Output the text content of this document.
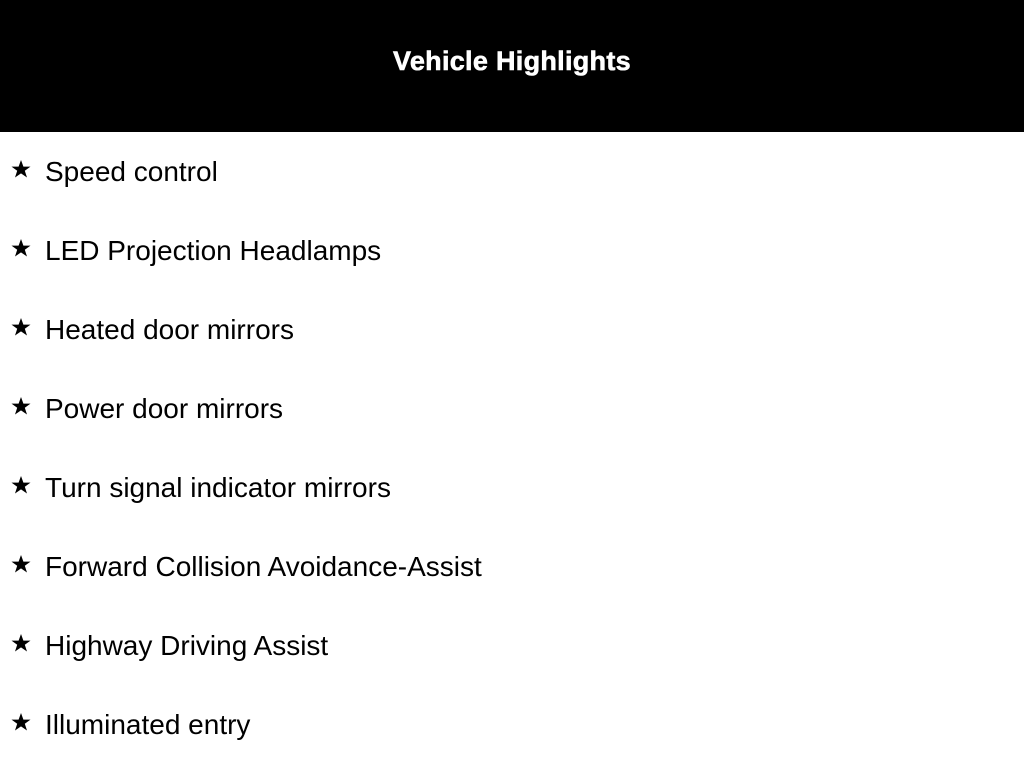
Vehicle Highlights
Speed control
LED Projection Headlamps
Heated door mirrors
Power door mirrors
Turn signal indicator mirrors
Forward Collision Avoidance-Assist
Highway Driving Assist
Illuminated entry
